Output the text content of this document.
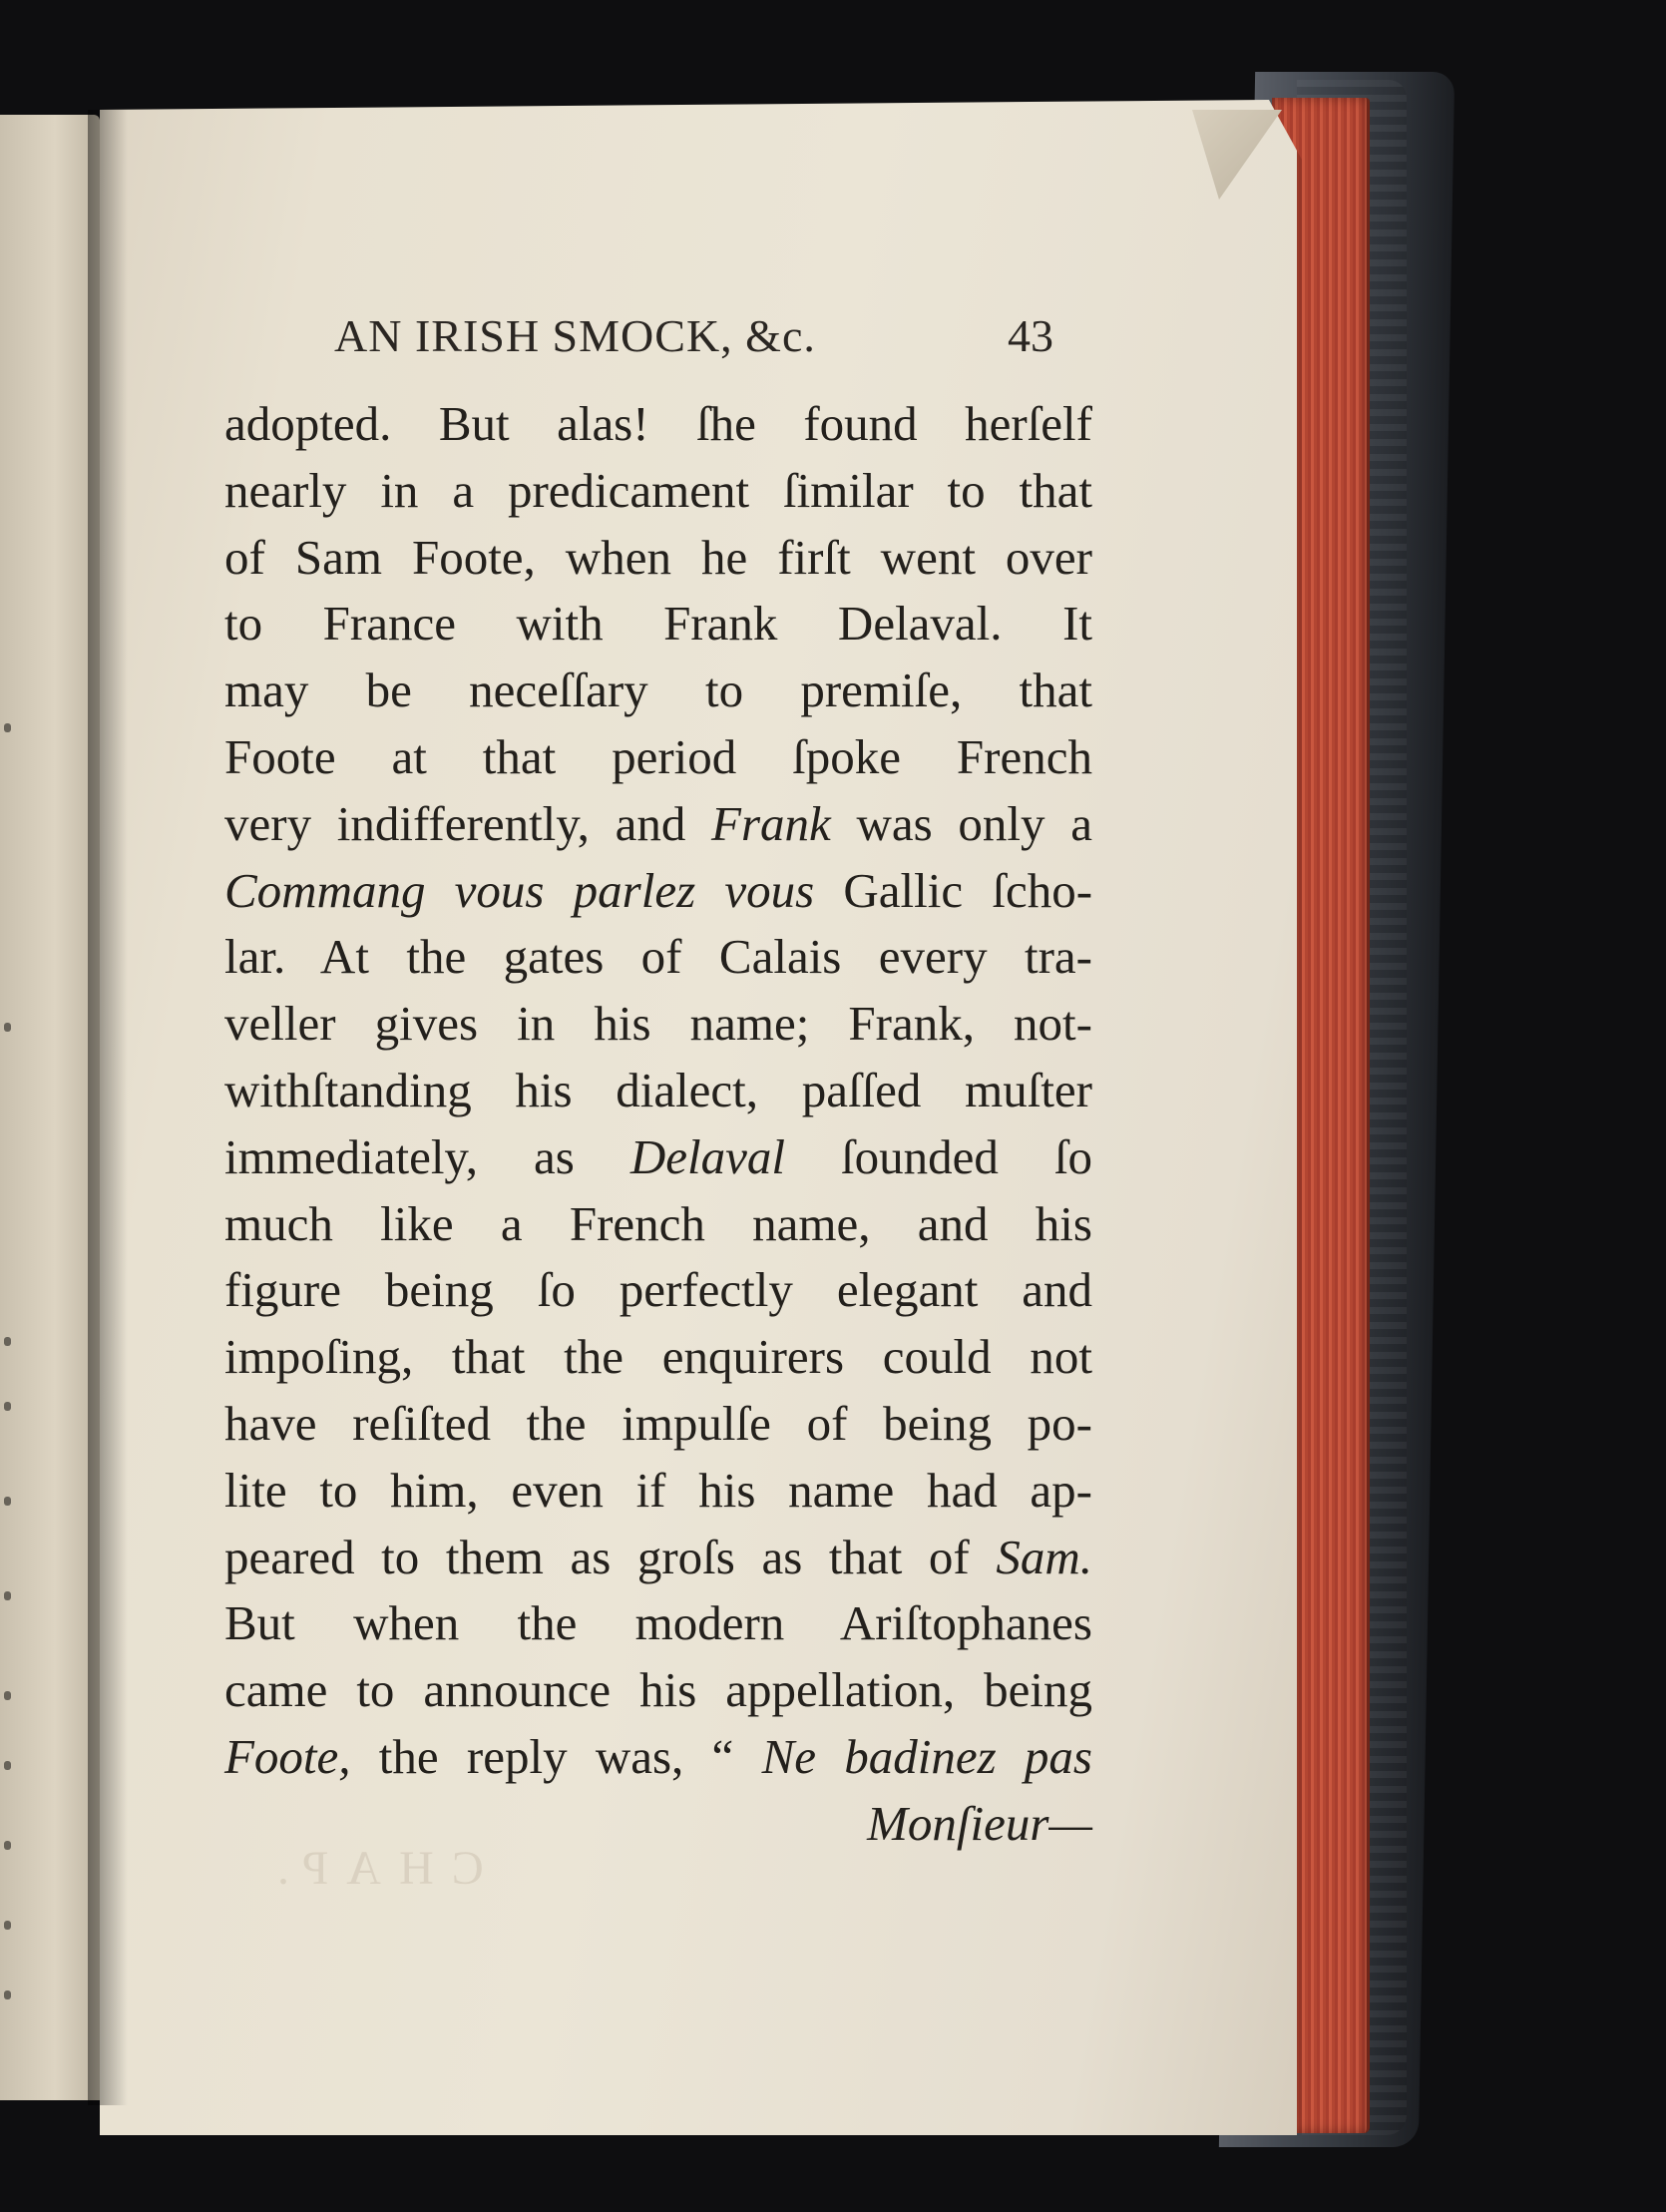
AN IRISH SMOCK, &c.	43
adopted. But alas! ſhe found herſelf
nearly in a predicament ſimilar to that
of Sam Foote, when he firſt went over
to France with Frank Delaval. It
may be neceſſary to premiſe, that
Foote at that period ſpoke French
very indifferently, and Frank was only a
Commang vous parlez vous Gallic ſcho-
lar. At the gates of Calais every tra-
veller gives in his name; Frank, not-
withſtanding his dialect, paſſed muſter
immediately, as Delaval ſounded ſo
much like a French name, and his
figure being ſo perfectly elegant and
impoſing, that the enquirers could not
have reſiſted the impulſe of being po-
lite to him, even if his name had ap-
peared to them as groſs as that of Sam.
But when the modern Ariſtophanes
came to announce his appellation, being
Foote, the reply was, “ Ne badinez pas
Monſieur—
CHAP.
